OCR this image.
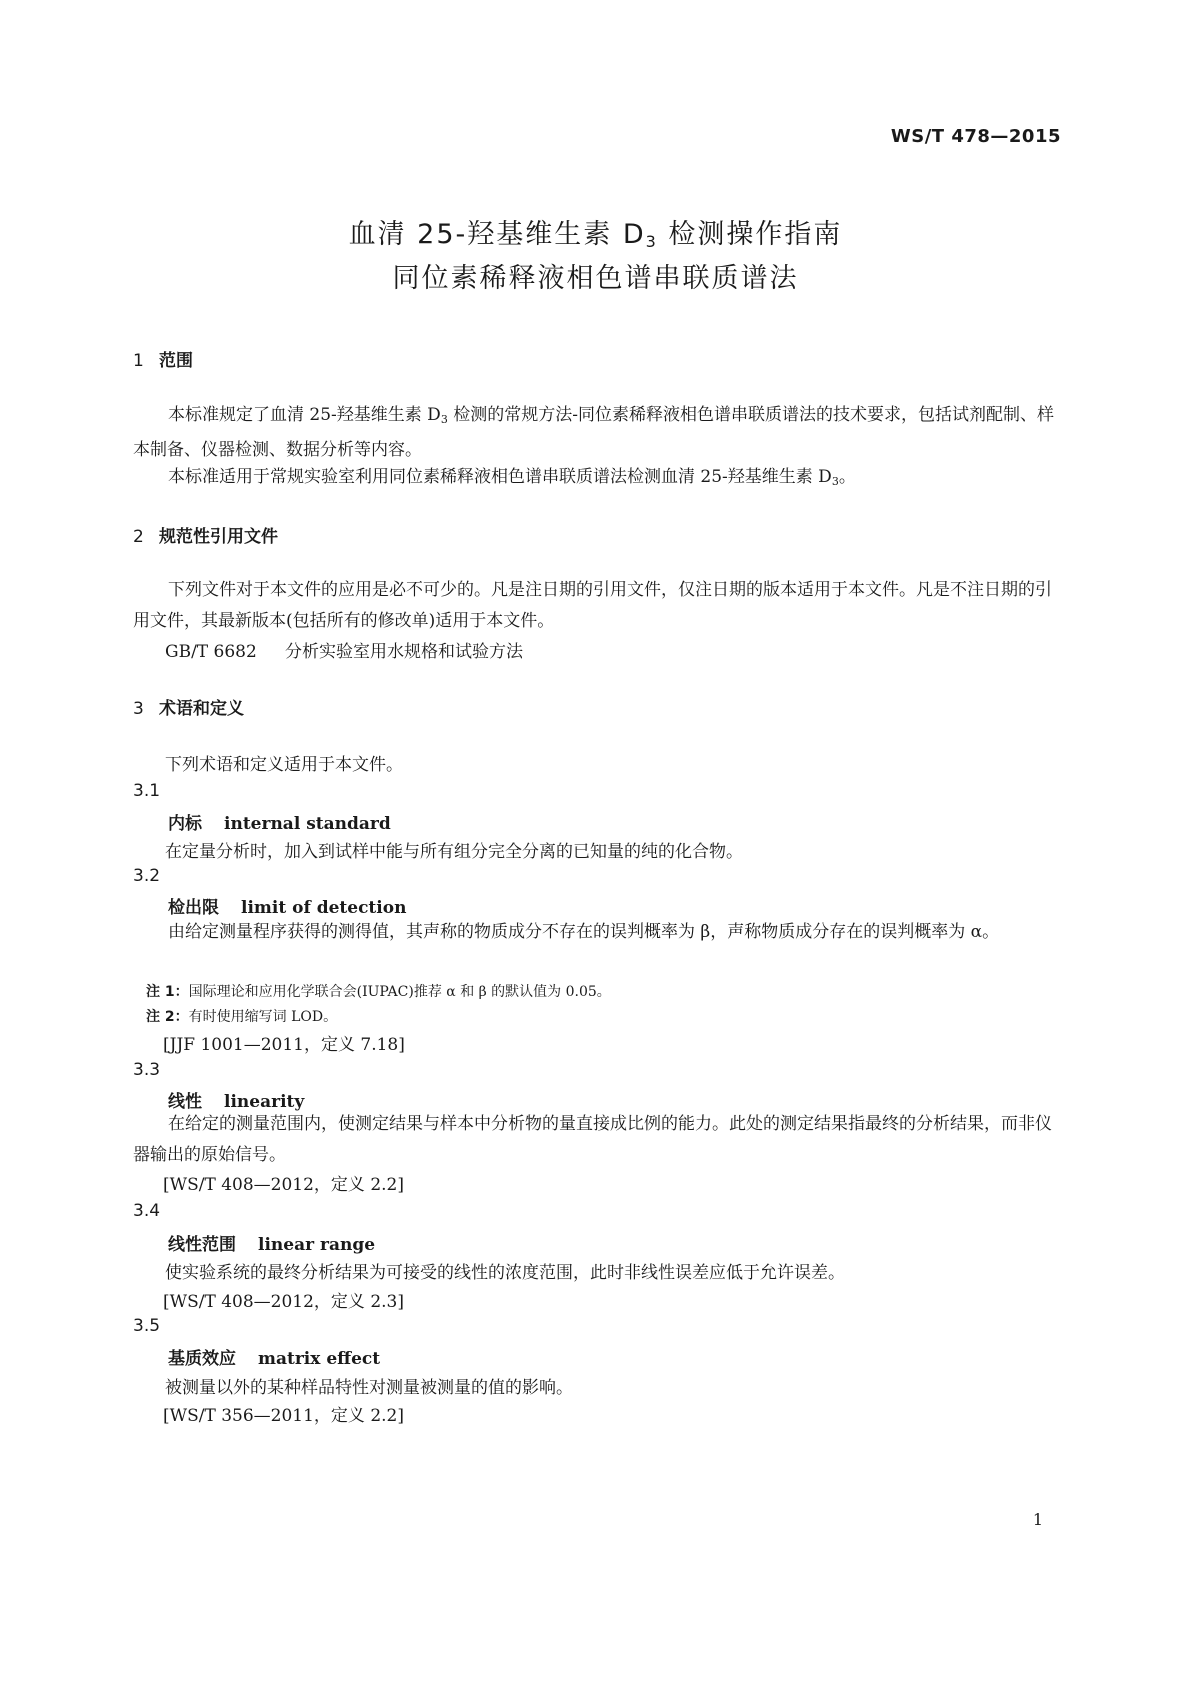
WS/T 478—2015
血清 25-羟基维生素 $D_3$ 检测操作指南
同位素稀释液相色谱串联质谱法
1 范围
本标准规定了血清 25-羟基维生素 D3 检测的常规方法-同位素稀释液相色谱串联质谱法的技术要求，包括试剂配制、样本制备、仪器检测、数据分析等内容。
本标准适用于常规实验室利用同位素稀释液相色谱串联质谱法检测血清 25-羟基维生素 D3。
2 规范性引用文件
下列文件对于本文件的应用是必不可少的。凡是注日期的引用文件，仅注日期的版本适用于本文件。凡是不注日期的引用文件，其最新版本(包括所有的修改单)适用于本文件。
GB/T 6682 分析实验室用水规格和试验方法
3 术语和定义
下列术语和定义适用于本文件。
3.1
内标 internal standard
在定量分析时，加入到试样中能与所有组分完全分离的已知量的纯的化合物。
3.2
检出限 limit of detection
由给定测量程序获得的测得值，其声称的物质成分不存在的误判概率为 β，声称物质成分存在的误判概率为 α。
注 1：国际理论和应用化学联合会(IUPAC)推荐 α 和 β 的默认值为 0.05。
注 2：有时使用缩写词 LOD。
[JJF 1001—2011，定义 7.18]
3.3
线性 linearity
在给定的测量范围内，使测定结果与样本中分析物的量直接成比例的能力。此处的测定结果指最终的分析结果，而非仪器输出的原始信号。
[WS/T 408—2012，定义 2.2]
3.4
线性范围 linear range
使实验系统的最终分析结果为可接受的线性的浓度范围，此时非线性误差应低于允许误差。
[WS/T 408—2012，定义 2.3]
3.5
基质效应 matrix effect
被测量以外的某种样品特性对测量被测量的值的影响。
[WS/T 356—2011，定义 2.2]
1
